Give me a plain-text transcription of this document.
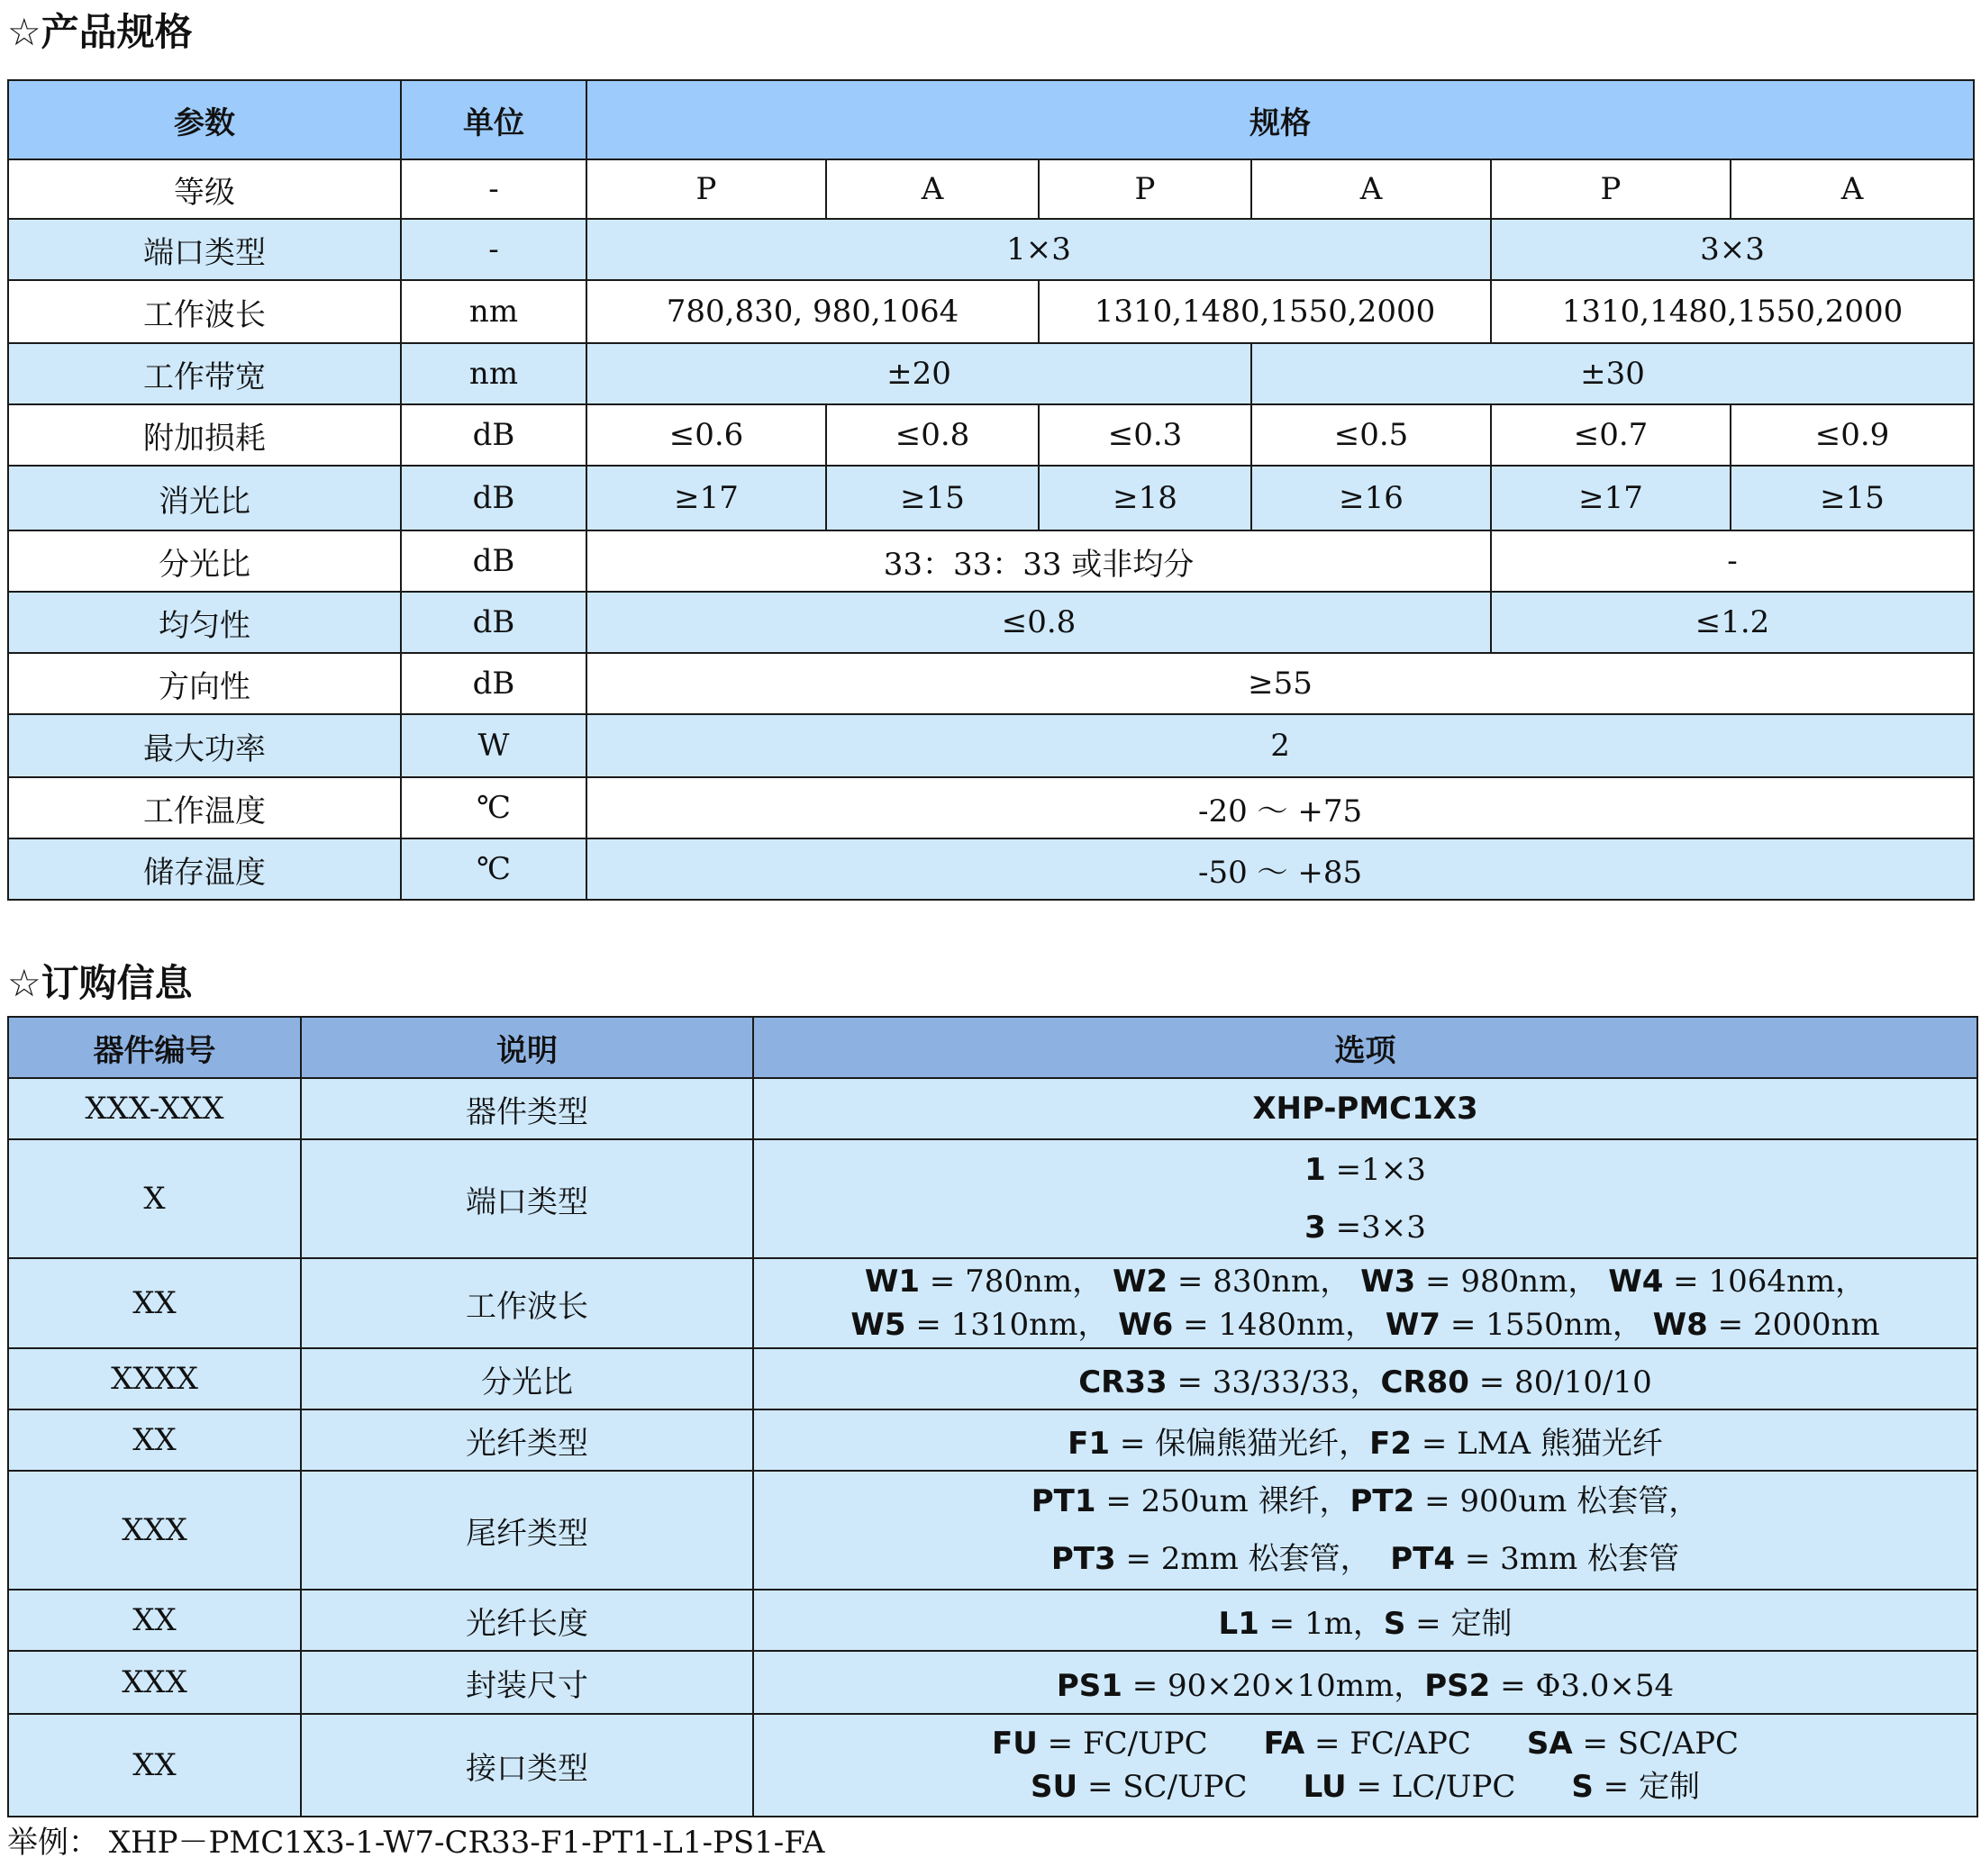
☆产品规格
参数	单位	规格					
等级	-	P	A	P	A	P	A
端口类型	-	1×3				3×3	
工作波长	nm	780,830, 980,1064		1310,1480,1550,2000		1310,1480,1550,2000	
工作带宽	nm	±20			±30		
附加损耗	dB	≤0.6	≤0.8	≤0.3	≤0.5	≤0.7	≤0.9
消光比	dB	≥17	≥15	≥18	≥16	≥17	≥15
分光比	dB	33：33：33 或非均分				-	
均匀性	dB	≤0.8				≤1.2	
方向性	dB	≥55					
最大功率	W	2					
工作温度	℃	-20 ～ +75					
储存温度	℃	-50 ～ +85					
☆订购信息
器件编号	说明	选项
XXX-XXX	器件类型	XHP-PMC1X3
X	端口类型	1 =1×3
3 =3×3

XX	工作波长	W1 = 780nm， W2 = 830nm， W3 = 980nm， W4 = 1064nm，
W5 = 1310nm， W6 = 1480nm， W7 = 1550nm， W8 = 2000nm

XXXX	分光比	CR33 = 33/33/33，CR80 = 80/10/10
XX	光纤类型	F1 = 保偏熊猫光纤，F2 = LMA 熊猫光纤
XXX	尾纤类型	PT1 = 250um 裸纤，PT2 = 900um 松套管，
PT3 = 2mm 松套管，  PT4 = 3mm 松套管

XX	光纤长度	L1 = 1m，S = 定制
XXX	封装尺寸	PS1 = 90×20×10mm，PS2 = Φ3.0×54
XX	接口类型	FU = FC/UPC FA = FC/APC SA = SC/APC
SU = SC/UPC LU = LC/UPC S = 定制
举例： XHP－PMC1X3-1-W7-CR33-F1-PT1-L1-PS1-FA
